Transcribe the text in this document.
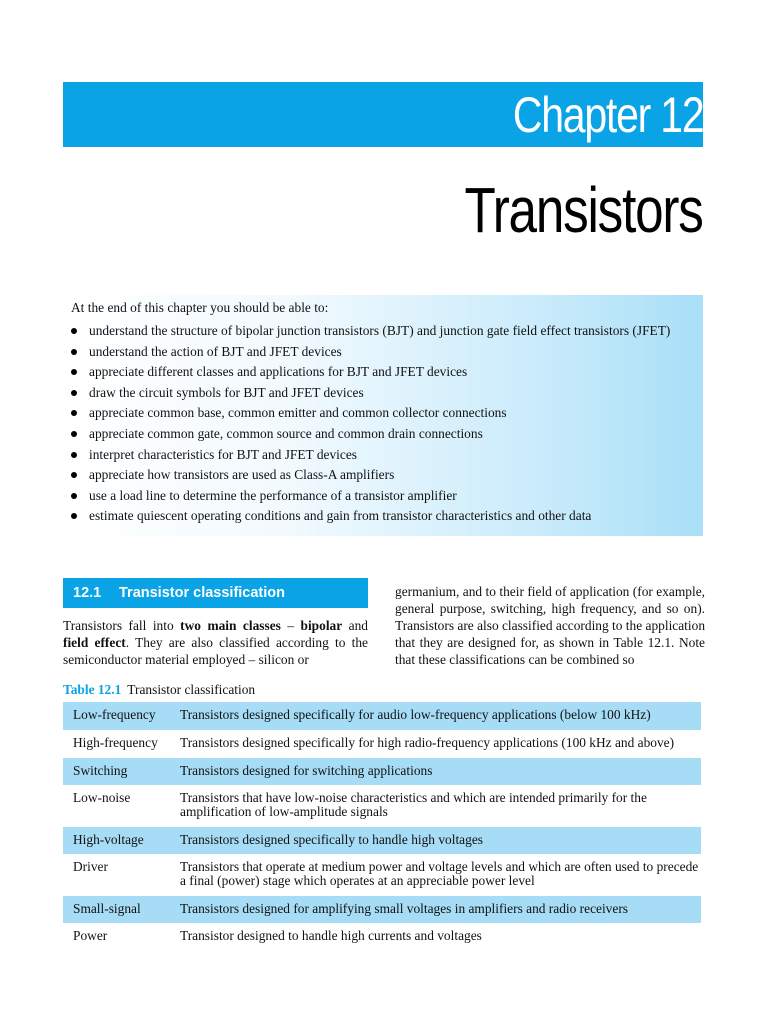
Chapter 12
Transistors

At the end of this chapter you should be able to:

understand the structure of bipolar junction transistors (BJT) and junction gate field effect transistors (JFET)
understand the action of BJT and JFET devices
appreciate different classes and applications for BJT and JFET devices
draw the circuit symbols for BJT and JFET devices
appreciate common base, common emitter and common collector connections
appreciate common gate, common source and common drain connections
interpret characteristics for BJT and JFET devices
appreciate how transistors are used as Class-A amplifiers
use a load line to determine the performance of a transistor amplifier
estimate quiescent operating conditions and gain from transistor characteristics and other data
12.1 Transistor classification

Transistors fall into two main classes – bipolar and field effect. They are also classified according to the semiconductor material employed – silicon or

germanium, and to their field of application (for example, general purpose, switching, high frequency, and so on). Transistors are also classified according to the application that they are designed for, as shown in Table 12.1. Note that these classifications can be combined so

Table 12.1 Transistor classification
Low-frequency	Transistors designed specifically for audio low-frequency applications (below 100 kHz)
High-frequency	Transistors designed specifically for high radio-frequency applications (100 kHz and above)
Switching	Transistors designed for switching applications
Low-noise	Transistors that have low-noise characteristics and which are intended primarily for the amplification of low-amplitude signals
High-voltage	Transistors designed specifically to handle high voltages
Driver	Transistors that operate at medium power and voltage levels and which are often used to precede a final (power) stage which operates at an appreciable power level
Small-signal	Transistors designed for amplifying small voltages in amplifiers and radio receivers
Power	Transistor designed to handle high currents and voltages
